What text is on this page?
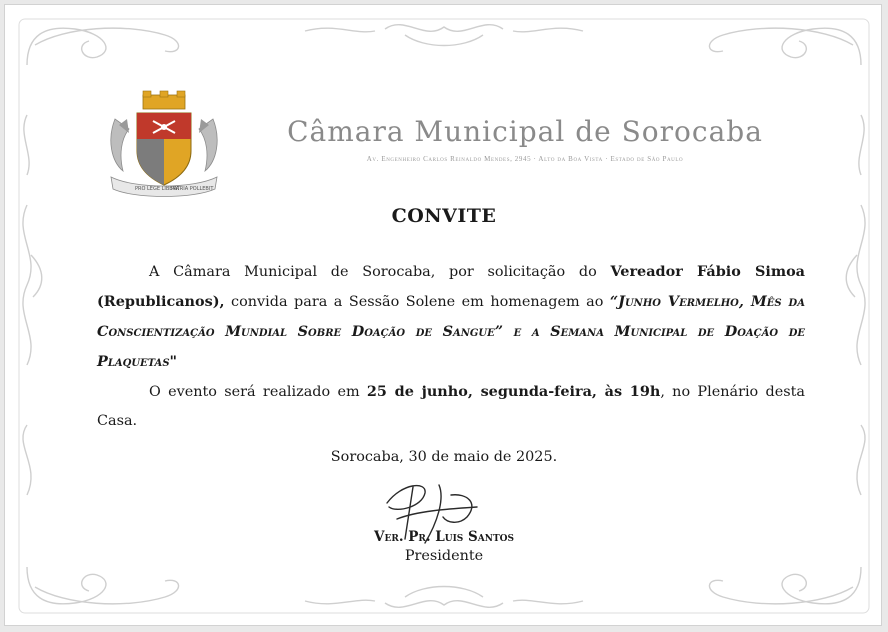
PRO LEGE LIBERA
PATRIA POLLEBIT
Câmara Municipal de Sorocaba
Av. Engenheiro Carlos Reinaldo Mendes, 2945 · Alto da Boa Vista · Estado de São Paulo
CONVITE

A Câmara Municipal de Sorocaba, por solicitação do Vereador Fábio Simoa (Republicanos), convida para a Sessão Solene em homenagem ao “Junho Vermelho, Mês da Conscientização Mundial Sobre Doação de Sangue” e a Semana Municipal de Doação de Plaquetas"

O evento será realizado em 25 de junho, segunda-feira, às 19h, no Plenário desta Casa.

Sorocaba, 30 de maio de 2025.
Ver. Pr. Luis Santos
Presidente
